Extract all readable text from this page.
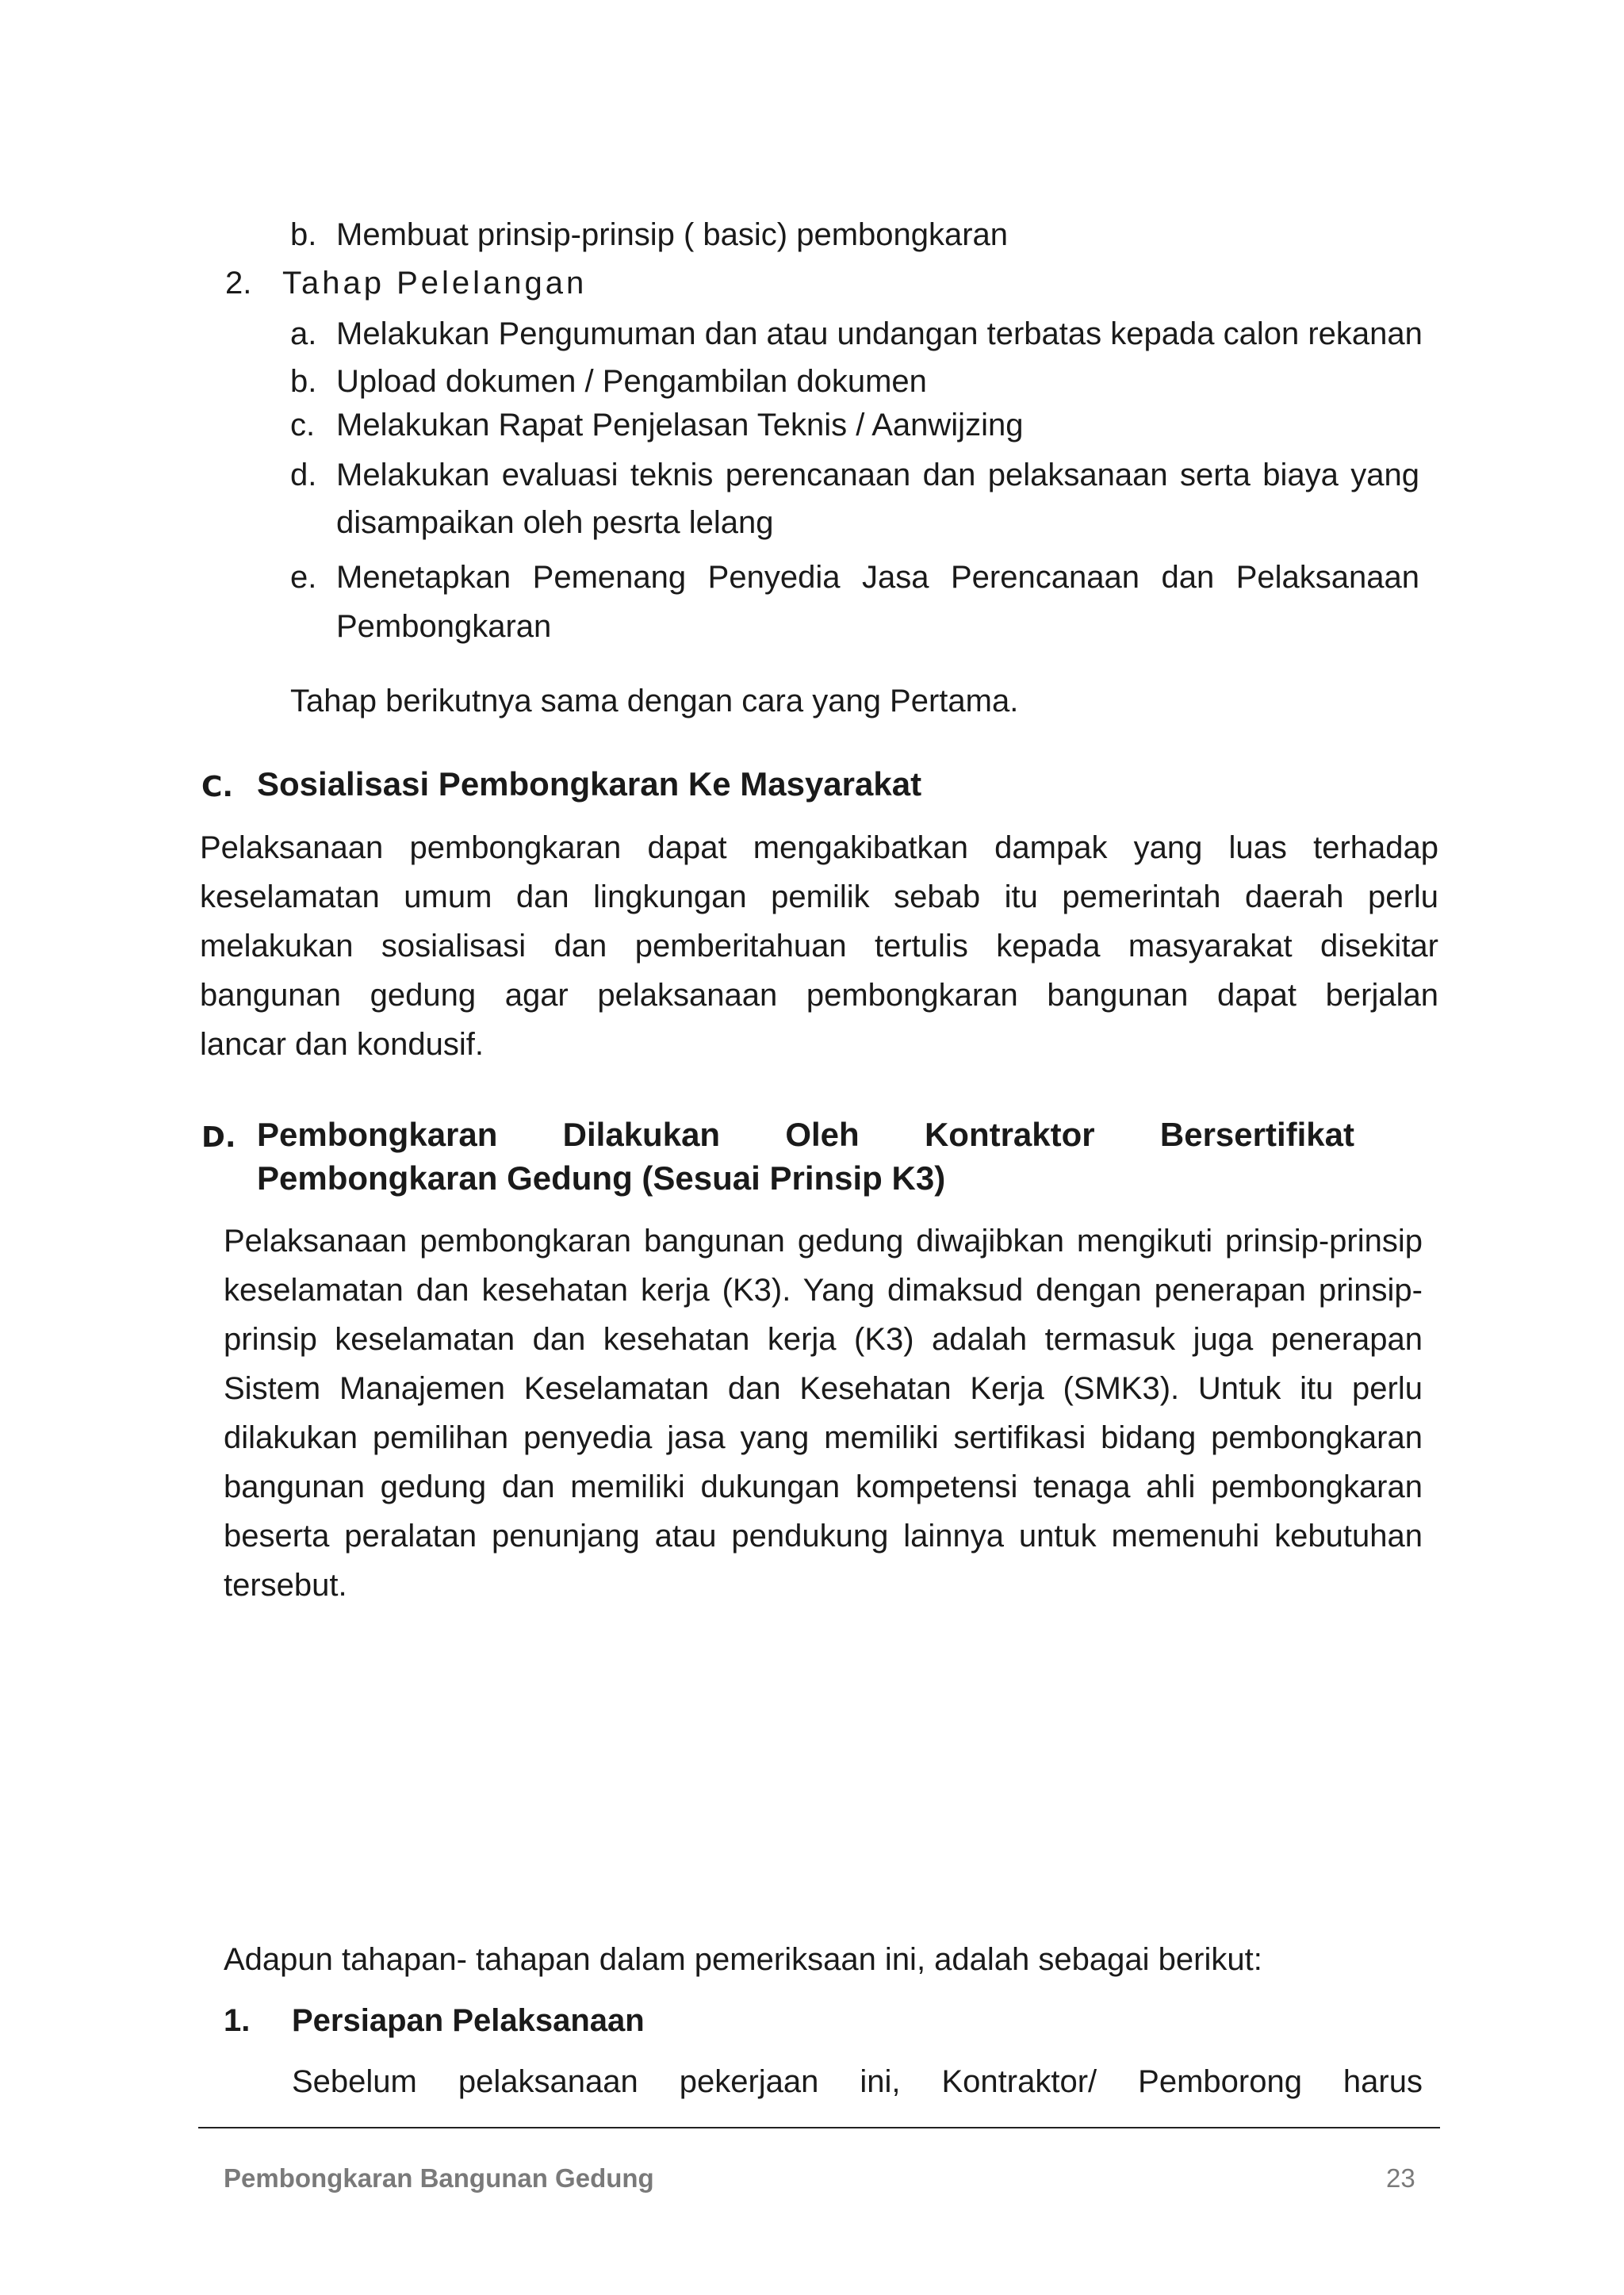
b. Membuat prinsip-prinsip ( basic) pembongkaran
2. Tahap Pelelangan
a. Melakukan Pengumuman dan atau undangan terbatas kepada calon rekanan
b. Upload dokumen / Pengambilan dokumen
c. Melakukan Rapat Penjelasan Teknis / Aanwijzing
d. Melakukan evaluasi teknis perencanaan dan pelaksanaan serta biaya yang
disampaikan oleh pesrta lelang
e. Menetapkan Pemenang Penyedia Jasa Perencanaan dan Pelaksanaan
Pembongkaran
Tahap berikutnya sama dengan cara yang Pertama.
C. Sosialisasi Pembongkaran Ke Masyarakat
Pelaksanaan pembongkaran dapat mengakibatkan dampak yang luas terhadap
keselamatan umum dan lingkungan pemilik sebab itu pemerintah daerah perlu
melakukan sosialisasi dan pemberitahuan tertulis kepada masyarakat disekitar
bangunan gedung agar pelaksanaan pembongkaran bangunan dapat berjalan
lancar dan kondusif.
D. Pembongkaran Dilakukan Oleh Kontraktor Bersertifikat
Pembongkaran Gedung (Sesuai Prinsip K3)
Pelaksanaan pembongkaran bangunan gedung diwajibkan mengikuti prinsip-prinsip
keselamatan dan kesehatan kerja (K3). Yang dimaksud dengan penerapan prinsip-
prinsip keselamatan dan kesehatan kerja (K3) adalah termasuk juga penerapan
Sistem Manajemen Keselamatan dan Kesehatan Kerja (SMK3). Untuk itu perlu
dilakukan pemilihan penyedia jasa yang memiliki sertifikasi bidang pembongkaran
bangunan gedung dan memiliki dukungan kompetensi tenaga ahli pembongkaran
beserta peralatan penunjang atau pendukung lainnya untuk memenuhi kebutuhan
tersebut.
Adapun tahapan- tahapan dalam pemeriksaan ini, adalah sebagai berikut:
1. Persiapan Pelaksanaan
Sebelum pelaksanaan pekerjaan ini, Kontraktor/ Pemborong harus
Pembongkaran Bangunan Gedung	23
